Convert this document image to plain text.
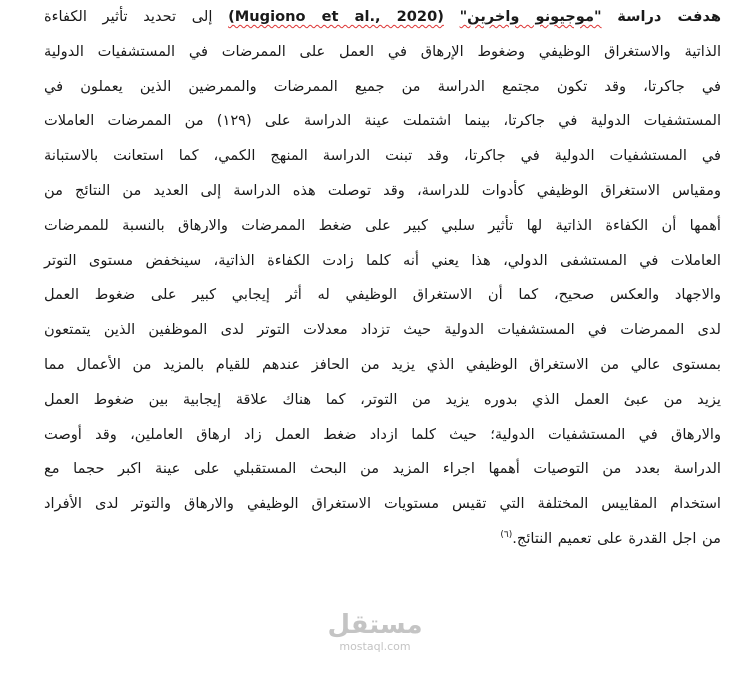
هدفت دراسة "موجيونو واخرين" (Mugiono et al., 2020) إلى تحديد تأثير الكفاءة
الذاتية والاستغراق الوظيفي وضغوط الإرهاق في العمل على الممرضات في المستشفيات الدولية
في جاكرتا، وقد تكون مجتمع الدراسة من جميع الممرضات والممرضين الذين يعملون في
المستشفيات الدولية في جاكرتا، بينما اشتملت عينة الدراسة على (١٢٩) من الممرضات العاملات
في المستشفيات الدولية في جاكرتا، وقد تبنت الدراسة المنهج الكمي، كما استعانت بالاستبانة
ومقياس الاستغراق الوظيفي كأدوات للدراسة، وقد توصلت هذه الدراسة إلى العديد من النتائج من
أهمها أن الكفاءة الذاتية لها تأثير سلبي كبير على ضغط الممرضات والارهاق بالنسبة للممرضات
العاملات في المستشفى الدولي، هذا يعني أنه كلما زادت الكفاءة الذاتية، سينخفض مستوى التوتر
والاجهاد والعكس صحيح، كما أن الاستغراق الوظيفي له أثر إيجابي كبير على ضغوط العمل
لدى الممرضات في المستشفيات الدولية حيث تزداد معدلات التوتر لدى الموظفين الذين يتمتعون
بمستوى عالي من الاستغراق الوظيفي الذي يزيد من الحافز عندهم للقيام بالمزيد من الأعمال مما
يزيد من عبئ العمل الذي بدوره يزيد من التوتر، كما هناك علاقة إيجابية بين ضغوط العمل
والارهاق في المستشفيات الدولية؛ حيث كلما ازداد ضغط العمل زاد ارهاق العاملين، وقد أوصت
الدراسة بعدد من التوصيات أهمها اجراء المزيد من البحث المستقبلي على عينة اكبر حجما مع
استخدام المقاييس المختلفة التي تقيس مستويات الاستغراق الوظيفي والارهاق والتوتر لدى الأفراد
من اجل القدرة على تعميم النتائج.$^{(٦)}$

مستقل
mostaql.com
